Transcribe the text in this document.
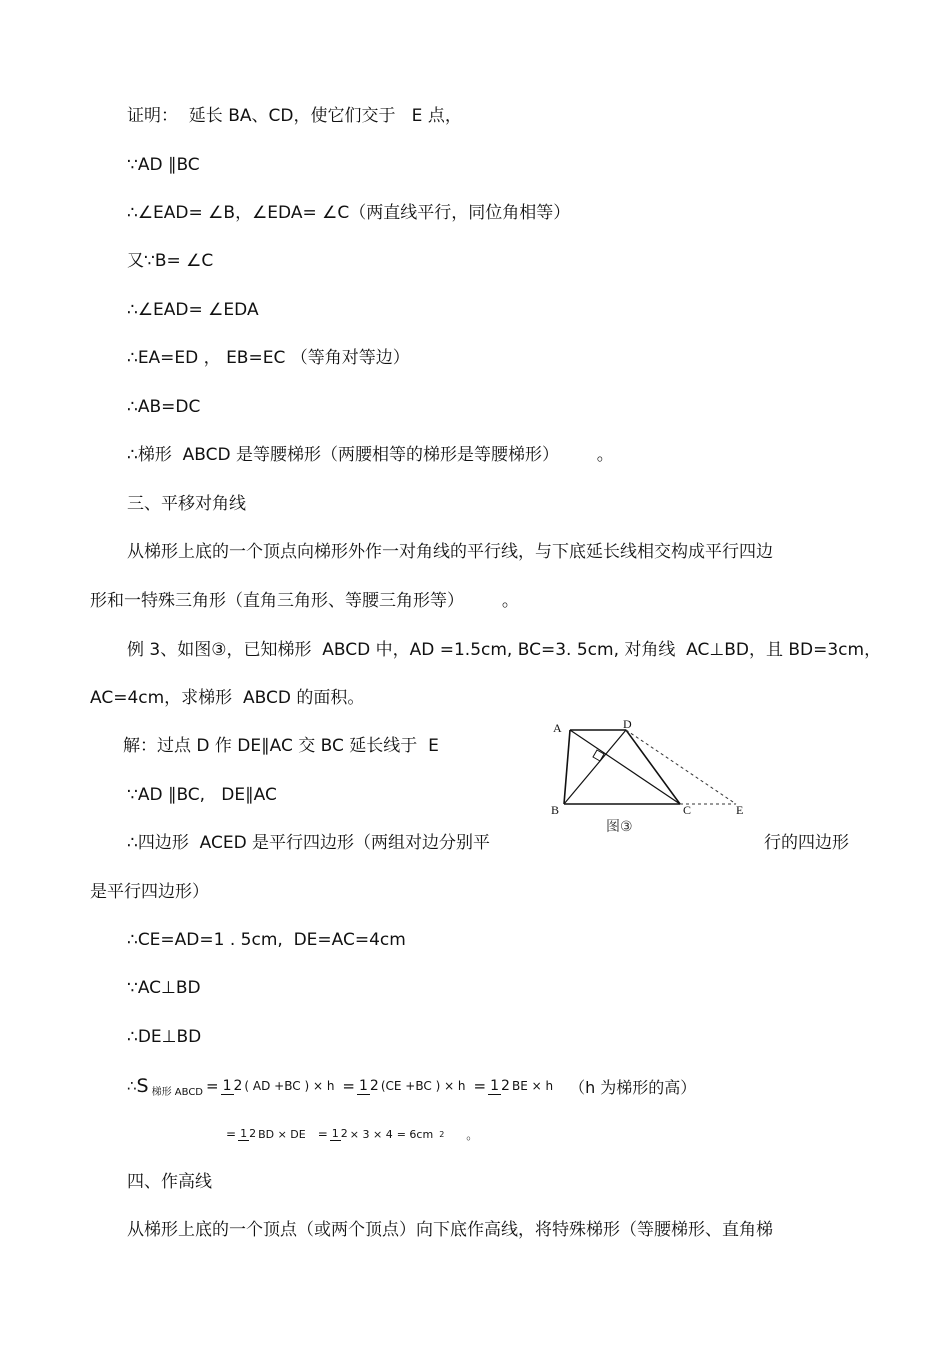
证明：  延长 BA、CD，使它们交于   E 点，
∵AD ∥BC
∴∠EAD= ∠B，∠EDA= ∠C（两直线平行，同位角相等）
又∵B= ∠C
∴∠EAD= ∠EDA
∴EA=ED ， EB=EC （等角对等边）
∴AB=DC
∴梯形  ABCD 是等腰梯形（两腰相等的梯形是等腰梯形）       。
三、平移对角线
从梯形上底的一个顶点向梯形外作一对角线的平行线，与下底延长线相交构成平行四边
形和一特殊三角形（直角三角形、等腰三角形等）       。
例 3、如图③，已知梯形  ABCD 中，AD =1.5cm, BC=3. 5cm, 对角线  AC⊥BD，且 BD=3cm，
AC=4cm，求梯形  ABCD 的面积。
解：过点 D 作 DE∥AC 交 BC 延长线于  E
∵AD ∥BC,   DE∥AC
∴四边形  ACED 是平行四边形（两组对边分别平	行的四边形
是平行四边形）
∴CE=AD=1 . 5cm,  DE=AC=4cm
∵AC⊥BD
∴DE⊥BD
∴ S 梯形 ABCD = 1 2 ( AD +BC ) × h = 1 2 (CE +BC ) × h = 1 2 BE × h （h 为梯形的高）
= 1 2 BD × DE = 1 2 × 3 × 4 = 6cm 2 。
四、作高线
从梯形上底的一个顶点（或两个顶点）向下底作高线，将特殊梯形（等腰梯形、直角梯
A	D
B	C	E
图③
